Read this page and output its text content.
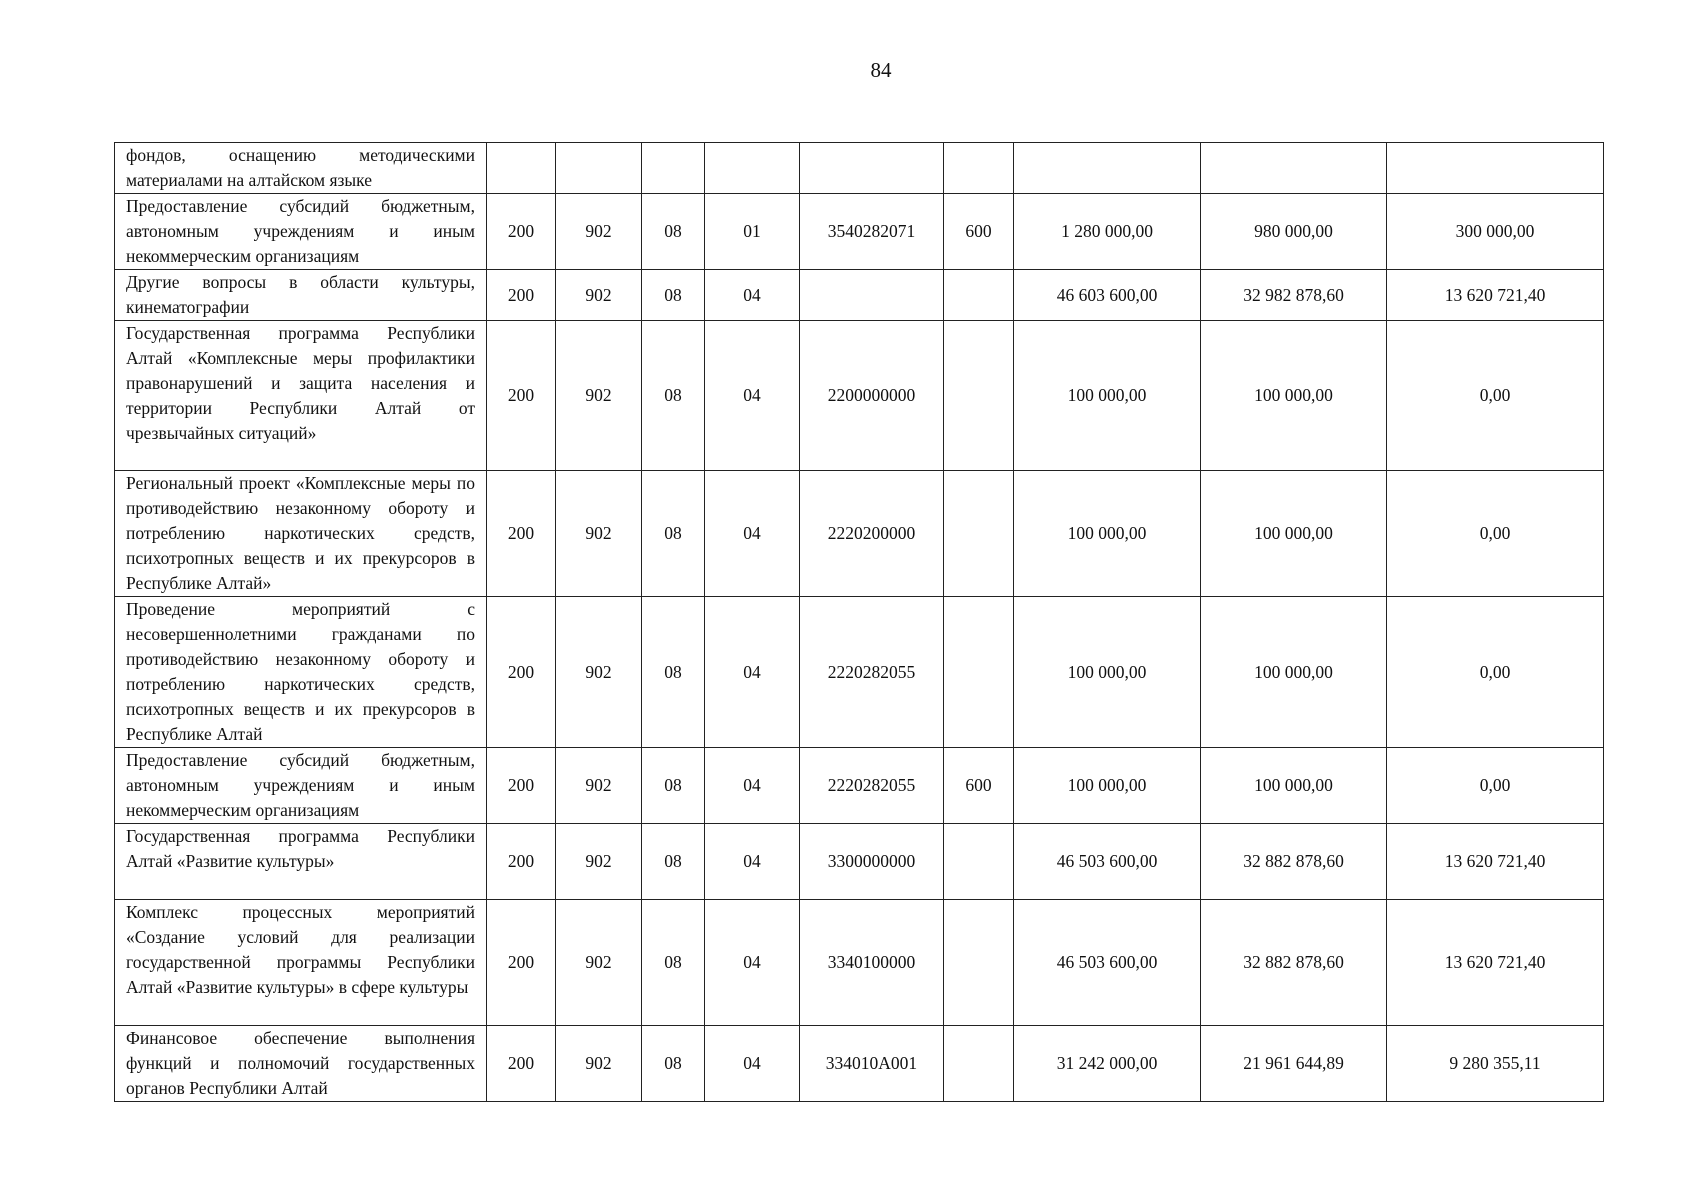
84
фондов, оснащению методическими материалами на алтайском языке									
Предоставление субсидий бюджетным, автономным учреждениям и иным некоммерческим организациям	200	902	08	01	3540282071	600	1 280 000,00	980 000,00	300 000,00
Другие вопросы в области культуры, кинематографии	200	902	08	04			46 603 600,00	32 982 878,60	13 620 721,40
Государственная программа Республики Алтай «Комплексные меры профилактики правонарушений и защита населения и территории Республики Алтай от чрезвычайных ситуаций»	200	902	08	04	2200000000		100 000,00	100 000,00	0,00
Региональный проект «Комплексные меры по противодействию незаконному обороту и потреблению наркотических средств, психотропных веществ и их прекурсоров в Республике Алтай»	200	902	08	04	2220200000		100 000,00	100 000,00	0,00
Проведение мероприятий с несовершеннолетними гражданами по противодействию незаконному обороту и потреблению наркотических средств, психотропных веществ и их прекурсоров в Республике Алтай	200	902	08	04	2220282055		100 000,00	100 000,00	0,00
Предоставление субсидий бюджетным, автономным учреждениям и иным некоммерческим организациям	200	902	08	04	2220282055	600	100 000,00	100 000,00	0,00
Государственная программа Республики Алтай «Развитие культуры»	200	902	08	04	3300000000		46 503 600,00	32 882 878,60	13 620 721,40
Комплекс процессных мероприятий «Создание условий для реализации государственной программы Республики Алтай «Развитие культуры» в сфере культуры	200	902	08	04	3340100000		46 503 600,00	32 882 878,60	13 620 721,40
Финансовое обеспечение выполнения функций и полномочий государственных органов Республики Алтай	200	902	08	04	334010А001		31 242 000,00	21 961 644,89	9 280 355,11
